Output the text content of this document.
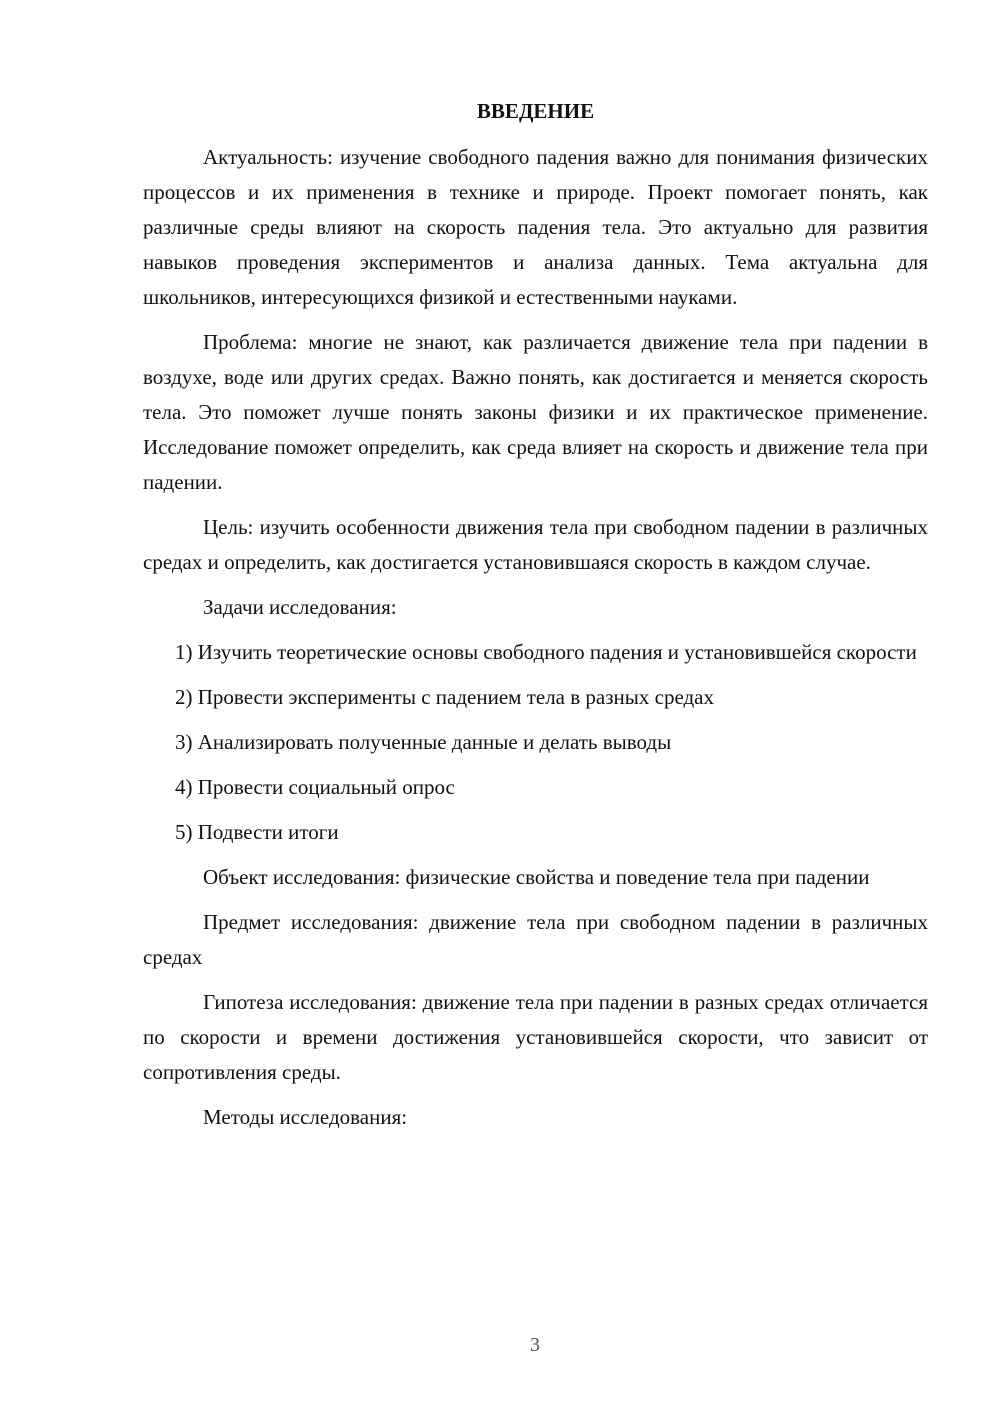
ВВЕДЕНИЕ

Актуальность: изучение свободного падения важно для понимания физических процессов и их применения в технике и природе. Проект помогает понять, как различные среды влияют на скорость падения тела. Это актуально для развития навыков проведения экспериментов и анализа данных. Тема актуальна для школьников, интересующихся физикой и естественными науками.

Проблема: многие не знают, как различается движение тела при падении в воздухе, воде или других средах. Важно понять, как достигается и меняется скорость тела. Это поможет лучше понять законы физики и их практическое применение. Исследование поможет определить, как среда влияет на скорость и движение тела при падении.

Цель: изучить особенности движения тела при свободном падении в различных средах и определить, как достигается установившаяся скорость в каждом случае.

Задачи исследования:

1) Изучить теоретические основы свободного падения и установившейся скорости

2) Провести эксперименты с падением тела в разных средах

3) Анализировать полученные данные и делать выводы

4) Провести социальный опрос

5) Подвести итоги

Объект исследования: физические свойства и поведение тела при падении

Предмет исследования: движение тела при свободном падении в различных средах

Гипотеза исследования: движение тела при падении в разных средах отличается по скорости и времени достижения установившейся скорости, что зависит от сопротивления среды.

Методы исследования:

3
